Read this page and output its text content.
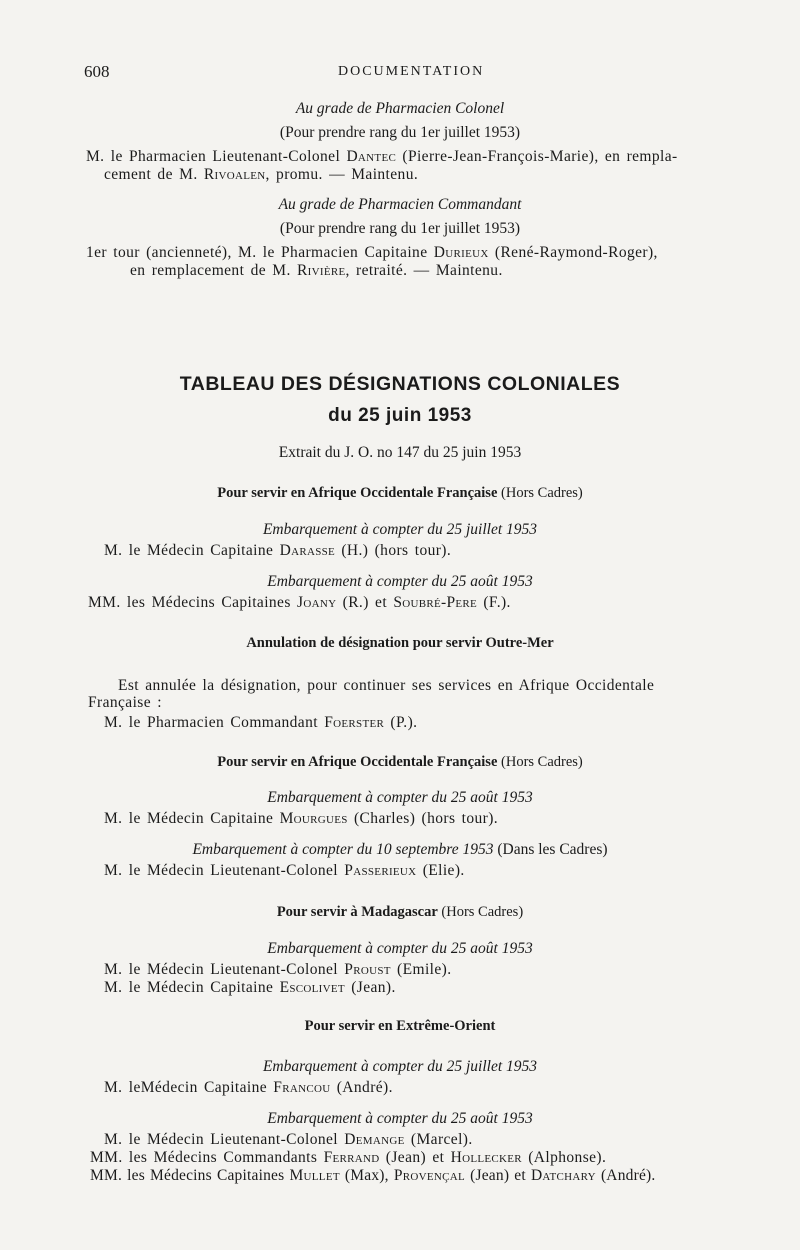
608	DOCUMENTATION
Au grade de Pharmacien Colonel
(Pour prendre rang du 1er juillet 1953)
M. le Pharmacien Lieutenant-Colonel Dantec (Pierre-Jean-François-Marie), en rempla-
cement de M. Rivoalen, promu. — Maintenu.
Au grade de Pharmacien Commandant
(Pour prendre rang du 1er juillet 1953)
1er tour (ancienneté), M. le Pharmacien Capitaine Durieux (René-Raymond-Roger),
en remplacement de M. Rivière, retraité. — Maintenu.
TABLEAU DES DÉSIGNATIONS COLONIALES
du 25 juin 1953
Extrait du J. O. no 147 du 25 juin 1953
Pour servir en Afrique Occidentale Française (Hors Cadres)
Embarquement à compter du 25 juillet 1953
M. le Médecin Capitaine Darasse (H.) (hors tour).
Embarquement à compter du 25 août 1953
MM. les Médecins Capitaines Joany (R.) et Soubré-Pere (F.).
Annulation de désignation pour servir Outre-Mer
Est annulée la désignation, pour continuer ses services en Afrique Occidentale
Française :
M. le Pharmacien Commandant Foerster (P.).
Pour servir en Afrique Occidentale Française (Hors Cadres)
Embarquement à compter du 25 août 1953
M. le Médecin Capitaine Mourgues (Charles) (hors tour).
Embarquement à compter du 10 septembre 1953 (Dans les Cadres)
M. le Médecin Lieutenant-Colonel Passerieux (Elie).
Pour servir à Madagascar (Hors Cadres)
Embarquement à compter du 25 août 1953
M. le Médecin Lieutenant-Colonel Proust (Emile).
M. le Médecin Capitaine Escolivet (Jean).
Pour servir en Extrême-Orient
Embarquement à compter du 25 juillet 1953
M. leMédecin Capitaine Francou (André).
Embarquement à compter du 25 août 1953
M. le Médecin Lieutenant-Colonel Demange (Marcel).
MM. les Médecins Commandants Ferrand (Jean) et Hollecker (Alphonse).
MM. les Médecins Capitaines Mullet (Max), Provençal (Jean) et Datchary (André).
